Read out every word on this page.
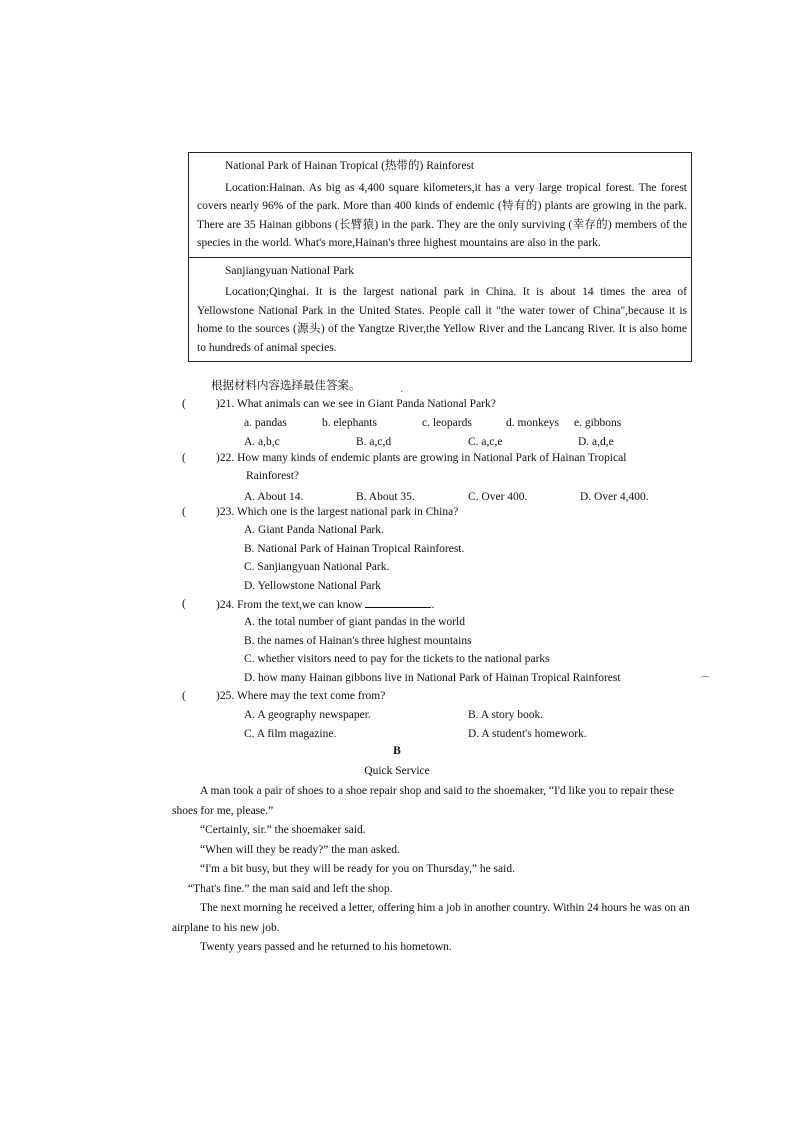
National Park of Hainan Tropical (热带的) Rainforest

Location:Hainan. As big as 4,400 square kilometers,it has a very large tropical forest. The forest covers nearly 96% of the park. More than 400 kinds of endemic (特有的) plants are growing in the park. There are 35 Hainan gibbons (长臂猿) in the park. They are the only surviving (幸存的) members of the species in the world. What's more,Hainan's three highest mountains are also in the park.

Sanjiangyuan National Park

Location;Qinghai. It is the largest national park in China. It is about 14 times the area of Yellowstone National Park in the United States. People call it "the water tower of China",because it is home to the sources (源头) of the Yangtze River,the Yellow River and the Lancang River. It is also home to hundreds of animal species.

根据材料内容选择最佳答案。
(	)21. What animals can we see in Giant Panda National Park?
a. pandas	b. elephants	c. leopards	d. monkeys e. gibbons
A. a,b,c	B. a,c,d	C. a,c,e	D. a,d,e
(	)22. How many kinds of endemic plants are growing in National Park of Hainan Tropical
Rainforest?
A. About 14.	B. About 35.	C. Over 400.	D. Over 4,400.
(	)23. Which one is the largest national park in China?
A. Giant Panda National Park.
B. National Park of Hainan Tropical Rainforest.
C. Sanjiangyuan National Park.
D. Yellowstone National Park
(	)24. From the text,we can know	.
A. the total number of giant pandas in the world
B. the names of Hainan's three highest mountains
C. whether visitors need to pay for the tickets to the national parks
D. how many Hainan gibbons live in National Park of Hainan Tropical Rainforest
(	)25. Where may the text come from?
A. A geography newspaper.	B. A story book.
C. A film magazine.	D. A student's homework.
B
Quick Service

A man took a pair of shoes to a shoe repair shop and said to the shoemaker, “I'd like you to repair these shoes for me, please.”

“Certainly, sir.” the shoemaker said.

“When will they be ready?” the man asked.

“I'm a bit busy, but they will be ready for you on Thursday,” he said.

“That's fine.” the man said and left the shop.

The next morning he received a letter, offering him a job in another country. Within 24 hours he was on an airplane to his new job.

Twenty years passed and he returned to his hometown.

·
⌒
